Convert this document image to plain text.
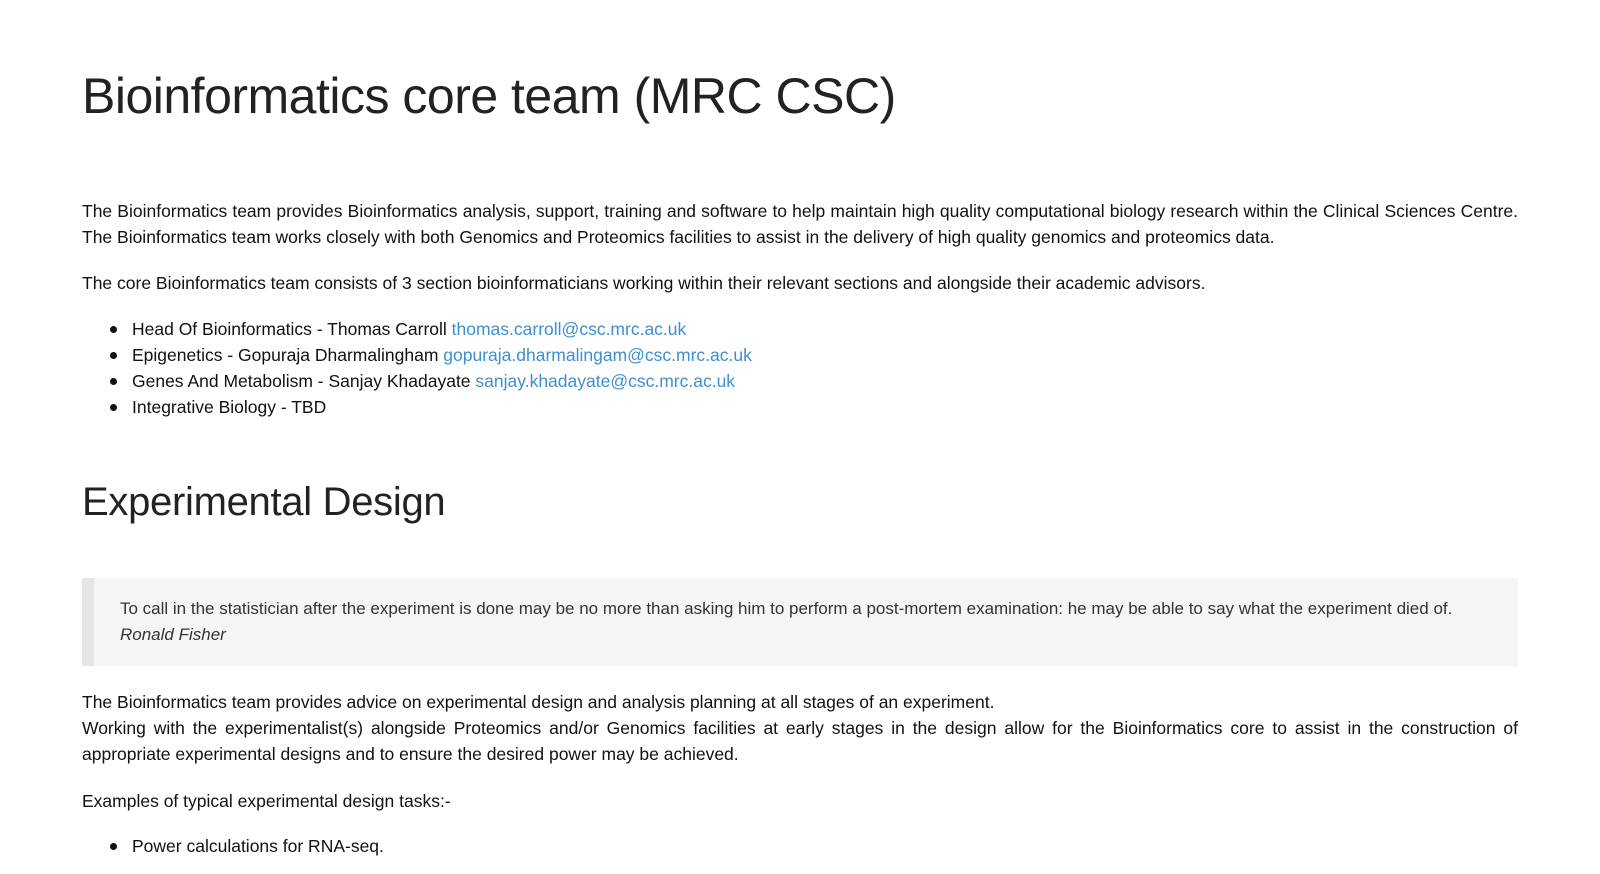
Bioinformatics core team (MRC CSC)

The Bioinformatics team provides Bioinformatics analysis, support, training and software to help maintain high quality computational biology research within the Clinical Sciences Centre. The Bioinformatics team works closely with both Genomics and Proteomics facilities to assist in the delivery of high quality genomics and proteomics data.

The core Bioinformatics team consists of 3 section bioinformaticians working within their relevant sections and alongside their academic advisors.

Head Of Bioinformatics - Thomas Carroll thomas.carroll@csc.mrc.ac.uk
Epigenetics - Gopuraja Dharmalingham gopuraja.dharmalingam@csc.mrc.ac.uk
Genes And Metabolism - Sanjay Khadayate sanjay.khadayate@csc.mrc.ac.uk
Integrative Biology - TBD
Experimental Design
To call in the statistician after the experiment is done may be no more than asking him to perform a post-mortem examination: he may be able to say what the experiment died of.
Ronald Fisher

The Bioinformatics team provides advice on experimental design and analysis planning at all stages of an experiment.
Working with the experimentalist(s) alongside Proteomics and/or Genomics facilities at early stages in the design allow for the Bioinformatics core to assist in the construction of appropriate experimental designs and to ensure the desired power may be achieved.

Examples of typical experimental design tasks:-

Power calculations for RNA-seq.
